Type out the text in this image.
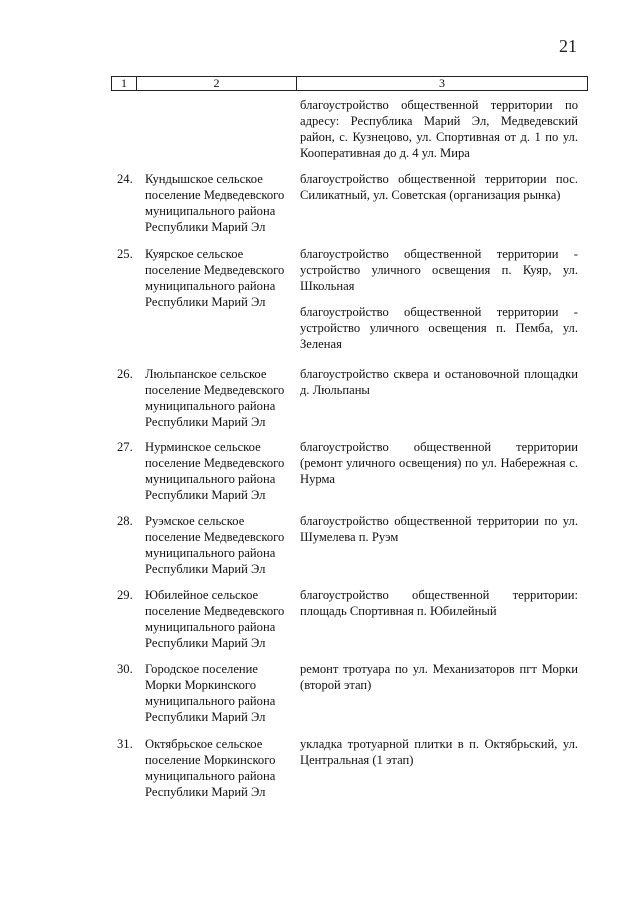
21
1	2	3
благоустройство общественной территории по адресу: Республика Марий Эл, Медведевский район, с. Кузнецово, ул. Спортивная от д. 1 по ул. Кооперативная до д. 4 ул. Мира
24. Кундышское сельское поселение Медведевского муниципального района Республики Марий Эл
благоустройство общественной территории пос. Силикатный, ул. Советская (организация рынка)
25. Куярское сельское поселение Медведевского муниципального района Республики Марий Эл
благоустройство общественной территории - устройство уличного освещения п. Куяр, ул. Школьная
благоустройство общественной территории - устройство уличного освещения п. Пемба, ул. Зеленая
26. Люльпанское сельское поселение Медведевского муниципального района Республики Марий Эл
благоустройство сквера и остановочной площадки д. Люльпаны
27. Нурминское сельское поселение Медведевского муниципального района Республики Марий Эл
благоустройство общественной территории (ремонт уличного освещения) по ул. Набережная с. Нурма
28. Руэмское сельское поселение Медведевского муниципального района Республики Марий Эл
благоустройство общественной территории по ул. Шумелева п. Руэм
29. Юбилейное сельское поселение Медведевского муниципального района Республики Марий Эл
благоустройство общественной территории: площадь Спортивная п. Юбилейный
30. Городское поселение Морки Моркинского муниципального района Республики Марий Эл
ремонт тротуара по ул. Механизаторов пгт Морки (второй этап)
31. Октябрьское сельское поселение Моркинского муниципального района Республики Марий Эл
укладка тротуарной плитки в п. Октябрьский, ул. Центральная (1 этап)
